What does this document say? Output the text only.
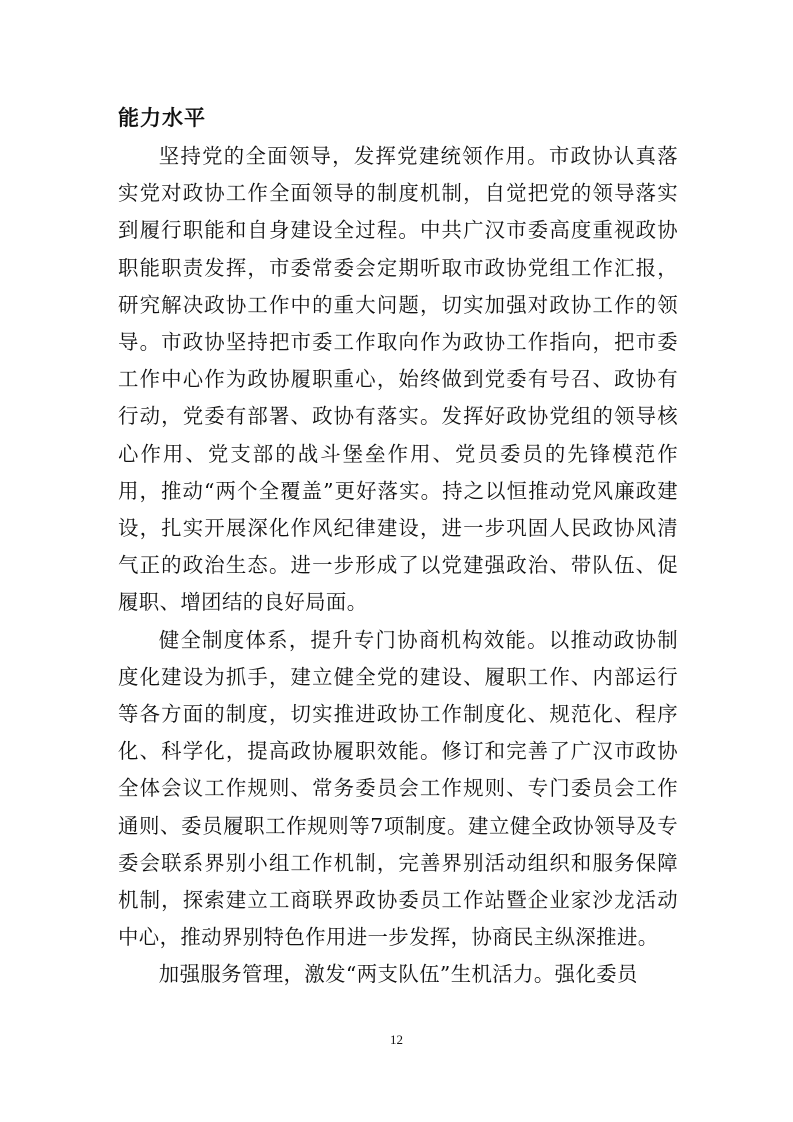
能力水平

坚持党的全面领导，发挥党建统领作用。市政协认真落实党对政协工作全面领导的制度机制，自觉把党的领导落实到履行职能和自身建设全过程。中共广汉市委高度重视政协职能职责发挥，市委常委会定期听取市政协党组工作汇报，研究解决政协工作中的重大问题，切实加强对政协工作的领导。市政协坚持把市委工作取向作为政协工作指向，把市委工作中心作为政协履职重心，始终做到党委有号召、政协有行动，党委有部署、政协有落实。发挥好政协党组的领导核心作用、党支部的战斗堡垒作用、党员委员的先锋模范作用，推动“两个全覆盖”更好落实。持之以恒推动党风廉政建设，扎实开展深化作风纪律建设，进一步巩固人民政协风清气正的政治生态。进一步形成了以党建强政治、带队伍、促履职、增团结的良好局面。

健全制度体系，提升专门协商机构效能。以推动政协制度化建设为抓手，建立健全党的建设、履职工作、内部运行等各方面的制度，切实推进政协工作制度化、规范化、程序化、科学化，提高政协履职效能。修订和完善了广汉市政协全体会议工作规则、常务委员会工作规则、专门委员会工作通则、委员履职工作规则等7项制度。建立健全政协领导及专委会联系界别小组工作机制，完善界别活动组织和服务保障机制，探索建立工商联界政协委员工作站暨企业家沙龙活动中心，推动界别特色作用进一步发挥，协商民主纵深推进。

加强服务管理，激发“两支队伍”生机活力。强化委员

12
